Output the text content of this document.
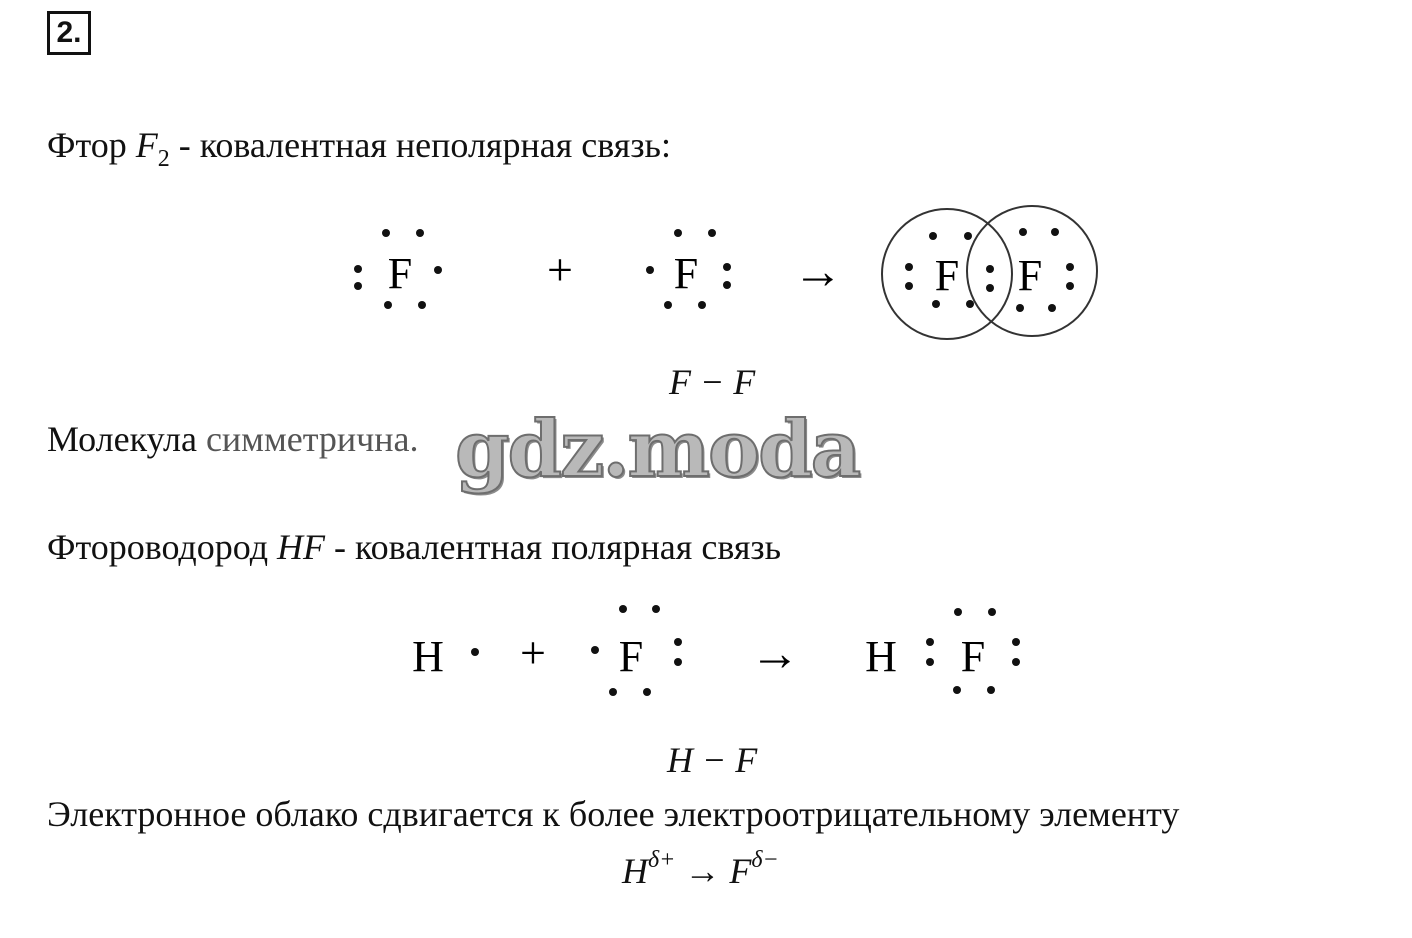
2.
Фтор $F_2$ - ковалентная неполярная связь:
F	+ F → F F
F − F
Молекула симметрична. gdz.moda
Фтороводород HF - ковалентная полярная связь
H + F → H F
H − F
Электронное облако сдвигается к более электроотрицательному элементу
$H^{\delta+} \to F^{\delta-}$
